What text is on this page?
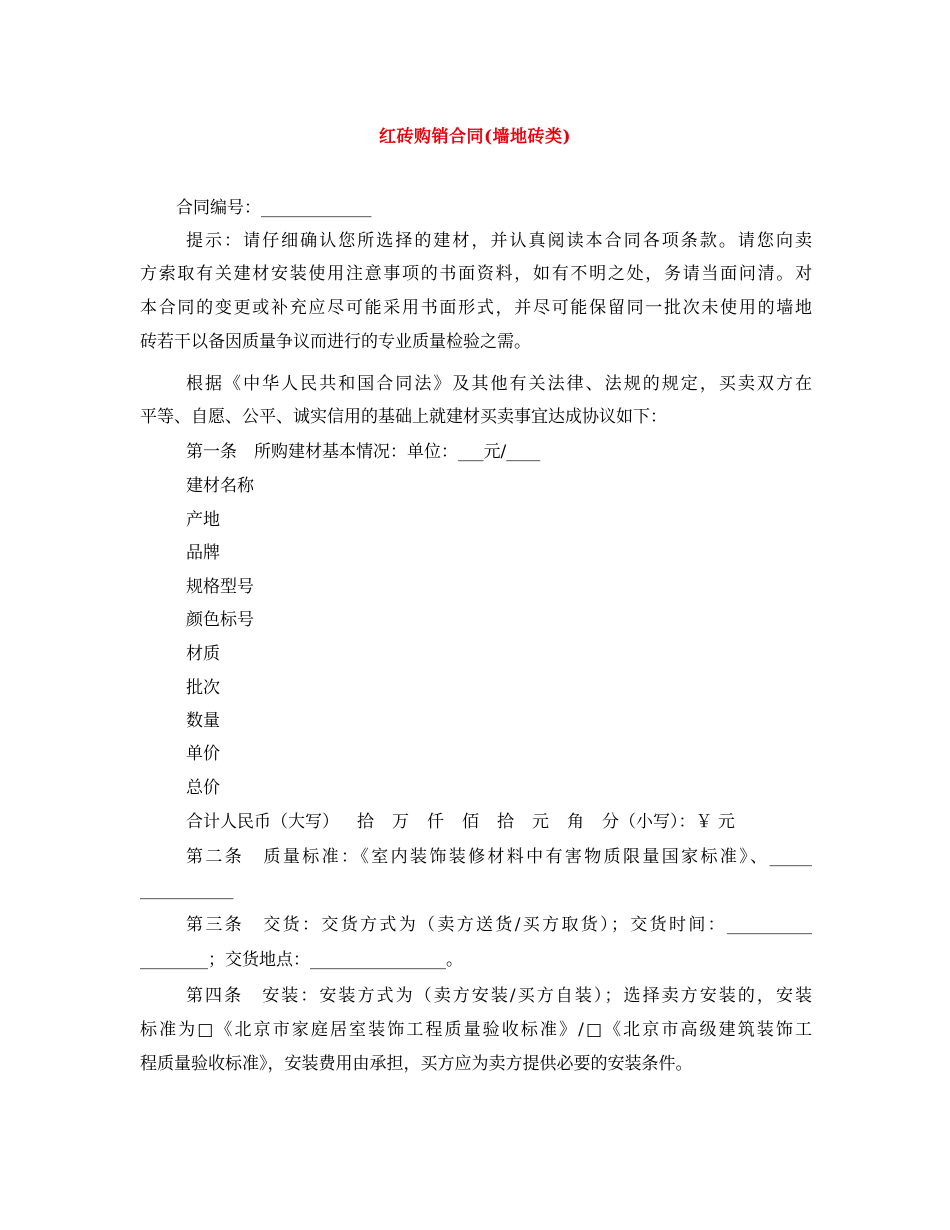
红砖购销合同(墙地砖类)
合同编号：_____________
提示：请仔细确认您所选择的建材，并认真阅读本合同各项条款。请您向卖
方索取有关建材安装使用注意事项的书面资料，如有不明之处，务请当面问清。对
本合同的变更或补充应尽可能采用书面形式，并尽可能保留同一批次未使用的墙地
砖若干以备因质量争议而进行的专业质量检验之需。
根据《中华人民共和国合同法》及其他有关法律、法规的规定，买卖双方在
平等、自愿、公平、诚实信用的基础上就建材买卖事宜达成协议如下：
第一条　所购建材基本情况：单位：___元/____
建材名称
产地
品牌
规格型号
颜色标号
材质
批次
数量
单价
总价
合计人民币（大写） 拾 万 仟 佰 拾 元 角 分（小写）：￥ 元
第二条　质量标准：《室内装饰装修材料中有害物质限量国家标准》、_____
___________
第三条　交货：交货方式为（卖方送货/买方取货）；交货时间：__________
________；交货地点：________________。
第四条　安装：安装方式为（卖方安装/买方自装）；选择卖方安装的，安装
标准为□《北京市家庭居室装饰工程质量验收标准》/□《北京市高级建筑装饰工
程质量验收标准》，安装费用由承担，买方应为卖方提供必要的安装条件。
